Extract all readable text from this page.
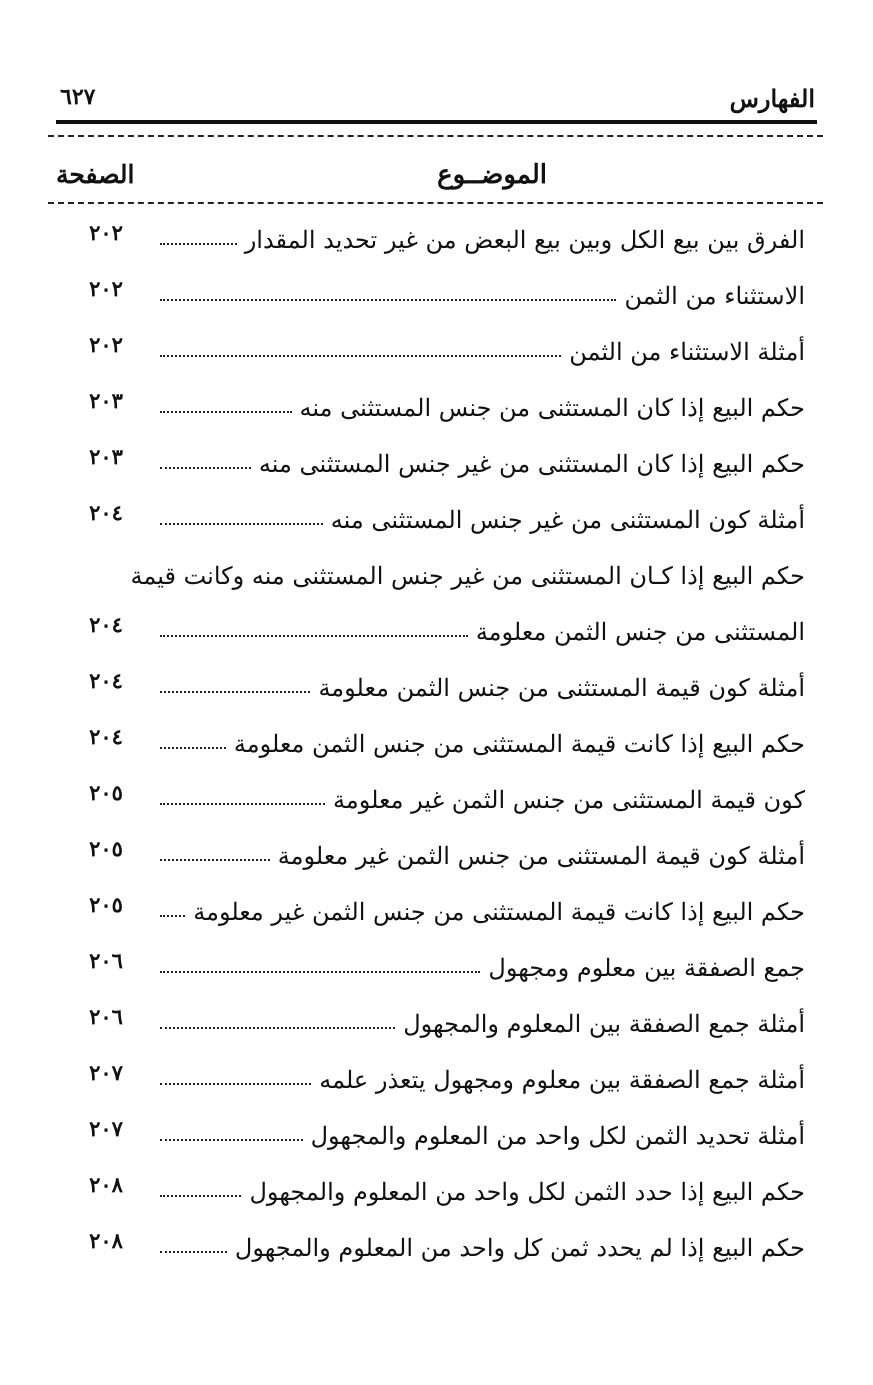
الفهارس
٦٢٧
الموضــوع
الصفحة
الفرق بين بيع الكل وبين بيع البعض من غير تحديد المقدار
٢٠٢
الاستثناء من الثمن
٢٠٢
أمثلة الاستثناء من الثمن
٢٠٢
حكم البيع إذا كان المستثنى من جنس المستثنى منه
٢٠٣
حكم البيع إذا كان المستثنى من غير جنس المستثنى منه
٢٠٣
أمثلة كون المستثنى من غير جنس المستثنى منه
٢٠٤
حكم البيع إذا كـان المستثنى من غير جنس المستثنى منه وكانت قيمة
المستثنى من جنس الثمن معلومة
٢٠٤
أمثلة كون قيمة المستثنى من جنس الثمن معلومة
٢٠٤
حكم البيع إذا كانت قيمة المستثنى من جنس الثمن معلومة
٢٠٤
كون قيمة المستثنى من جنس الثمن غير معلومة
٢٠٥
أمثلة كون قيمة المستثنى من جنس الثمن غير معلومة
٢٠٥
حكم البيع إذا كانت قيمة المستثنى من جنس الثمن غير معلومة
٢٠٥
جمع الصفقة بين معلوم ومجهول
٢٠٦
أمثلة جمع الصفقة بين المعلوم والمجهول
٢٠٦
أمثلة جمع الصفقة بين معلوم ومجهول يتعذر علمه
٢٠٧
أمثلة تحديد الثمن لكل واحد من المعلوم والمجهول
٢٠٧
حكم البيع إذا حدد الثمن لكل واحد من المعلوم والمجهول
٢٠٨
حكم البيع إذا لم يحدد ثمن كل واحد من المعلوم والمجهول
٢٠٨
